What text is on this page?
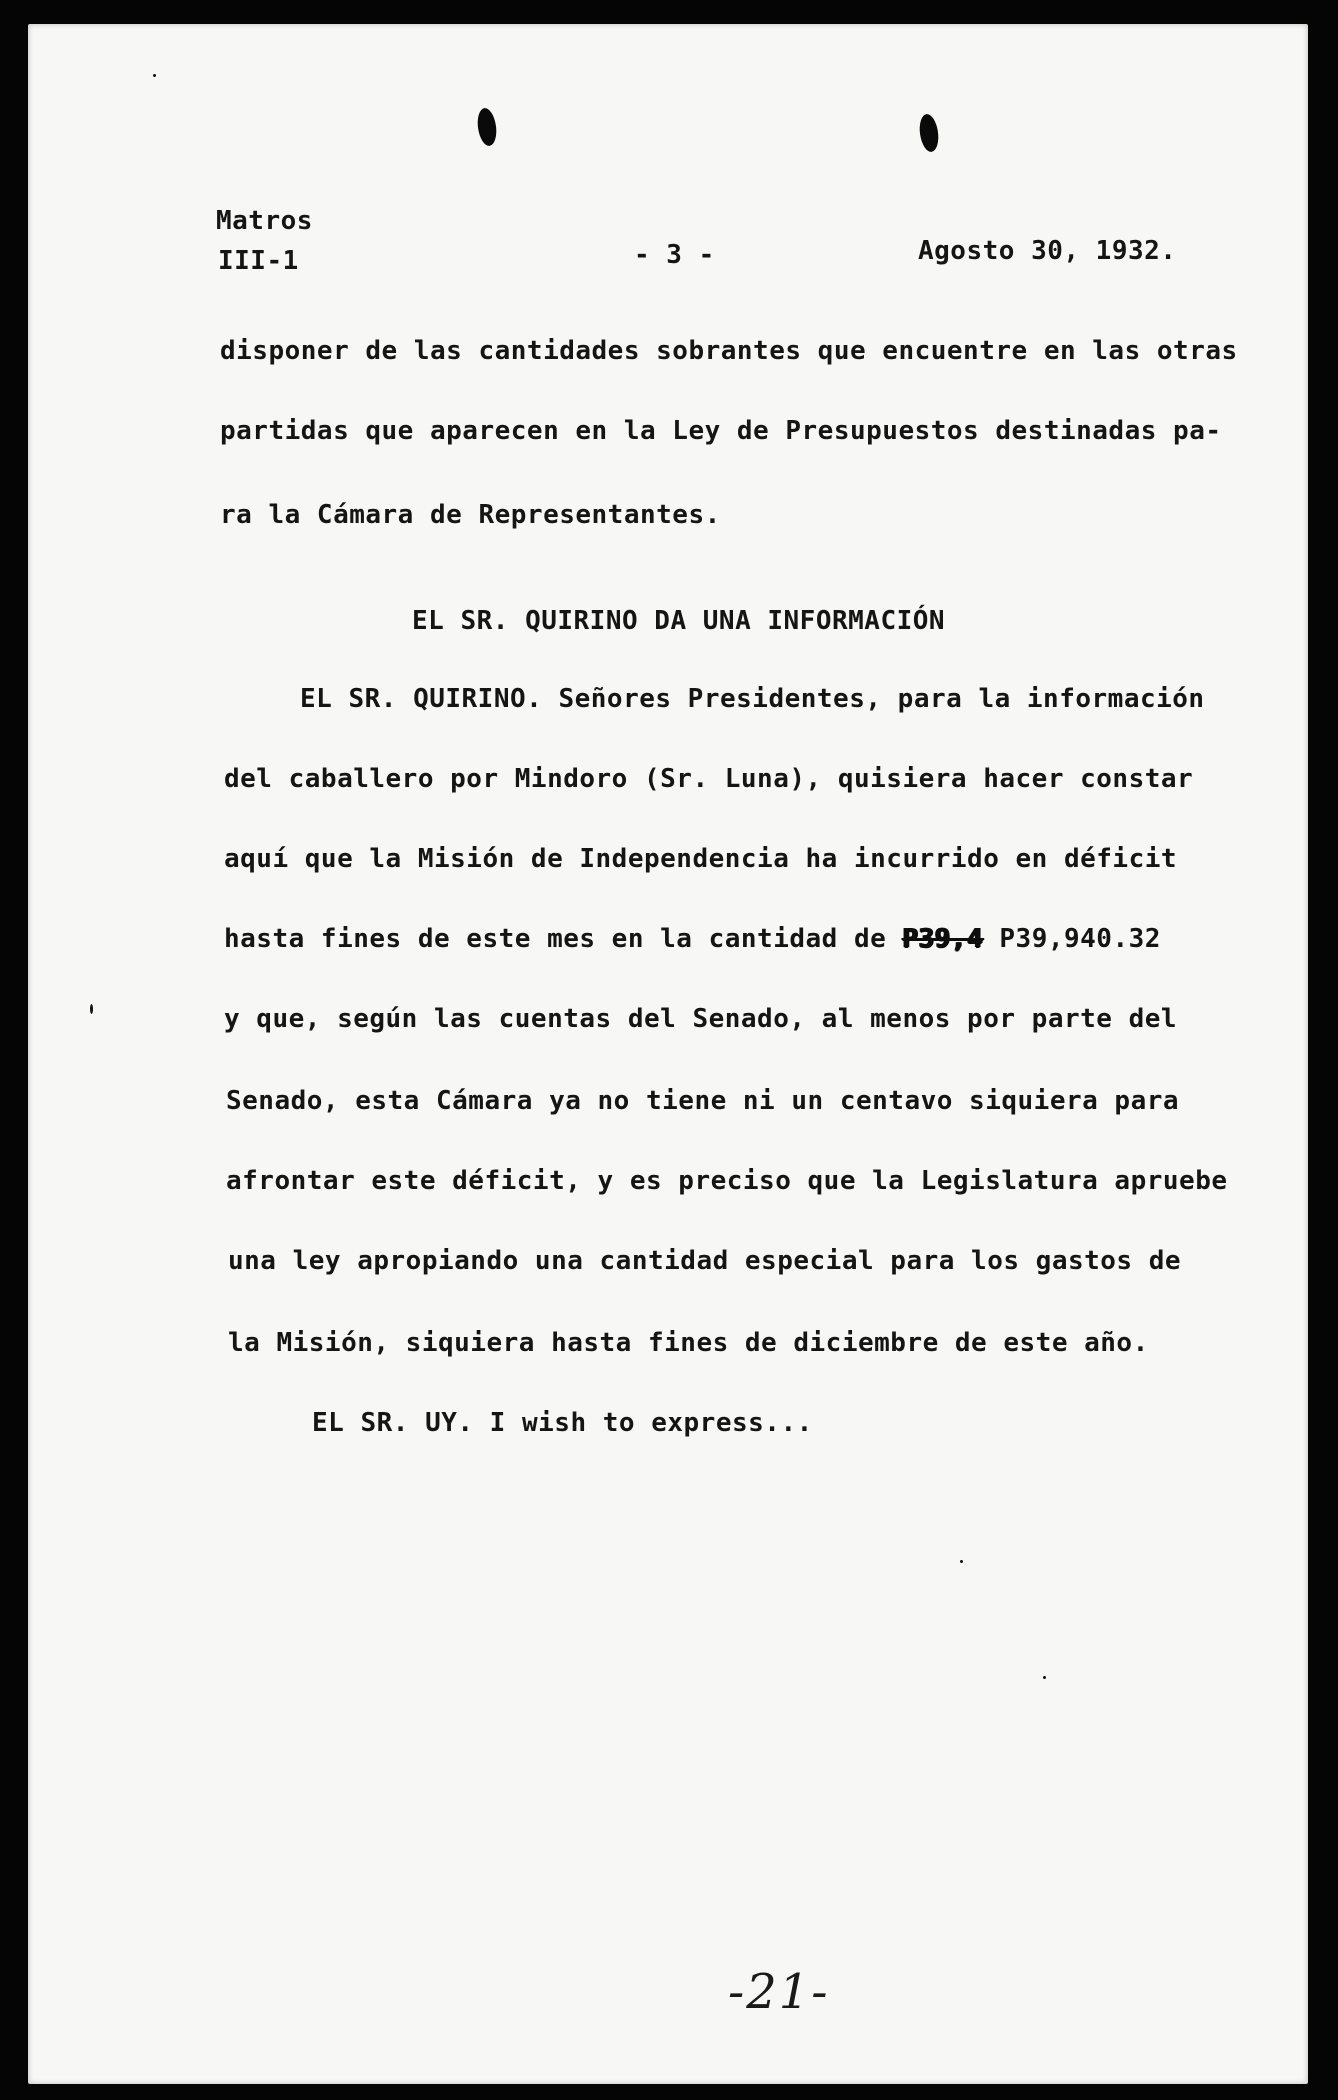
Matros

III-1	- 3 -	Agosto 30, 1932.

disponer de las cantidades sobrantes que encuentre en las otras

partidas que aparecen en la Ley de Presupuestos destinadas pa-

ra la Cámara de Representantes.

EL SR. QUIRINO DA UNA INFORMACIÓN

EL SR. QUIRINO. Señores Presidentes, para la información

del caballero por Mindoro (Sr. Luna), quisiera hacer constar

aquí que la Misión de Independencia ha incurrido en déficit

hasta fines de este mes en la cantidad de P39,4 P39,940.32

y que, según las cuentas del Senado, al menos por parte del

Senado, esta Cámara ya no tiene ni un centavo siquiera para

afrontar este déficit, y es preciso que la Legislatura apruebe

una ley apropiando una cantidad especial para los gastos de

la Misión, siquiera hasta fines de diciembre de este año.

EL SR. UY. I wish to express...

-21-
